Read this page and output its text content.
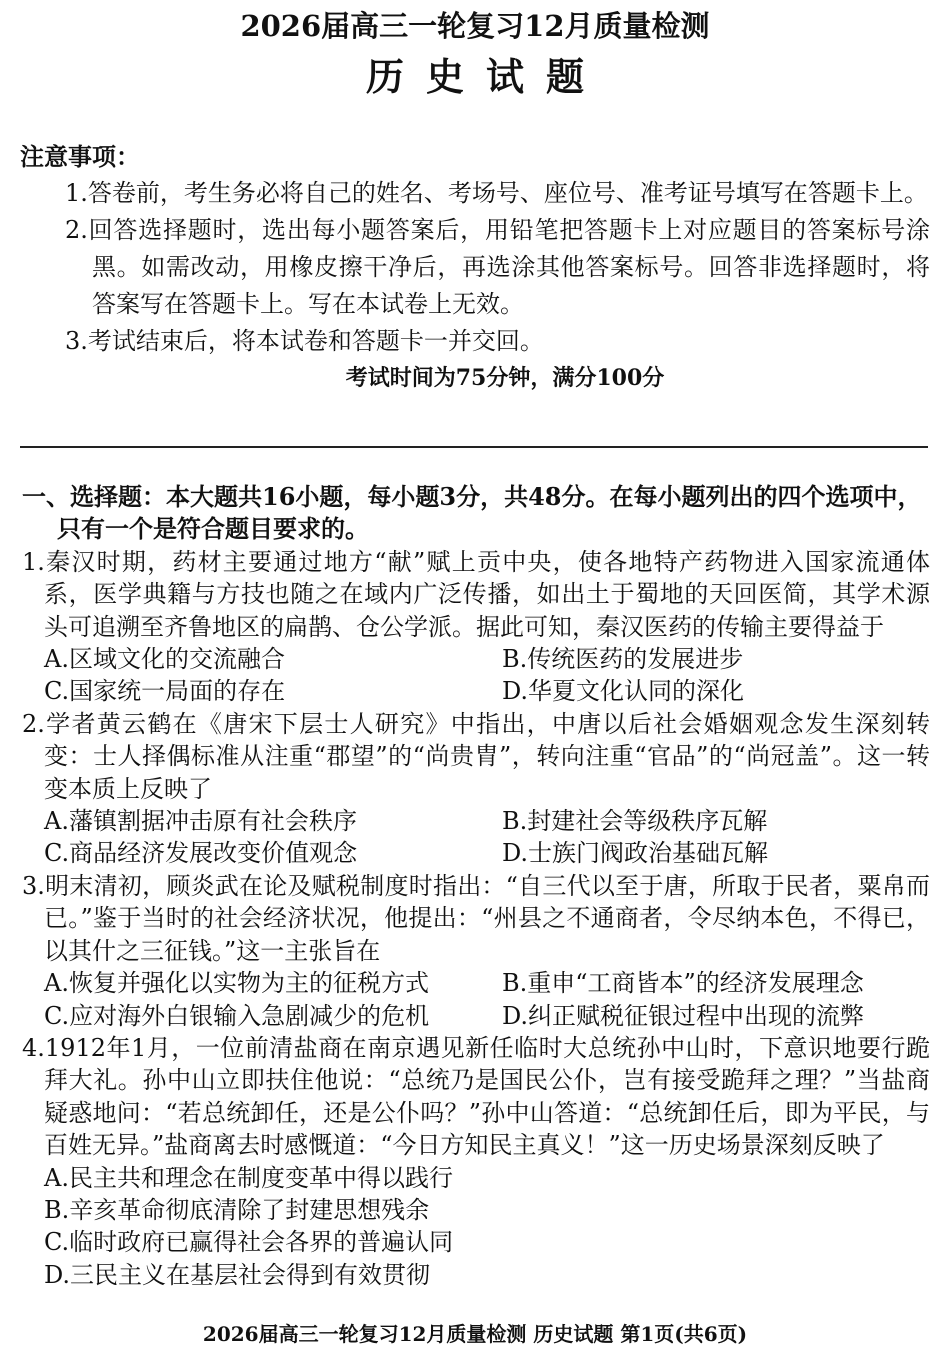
2026届高三一轮复习12月质量检测
历史试题
注意事项：
1.答卷前，考生务必将自己的姓名、考场号、座位号、准考证号填写在答题卡上。
2.回答选择题时，选出每小题答案后，用铅笔把答题卡上对应题目的答案标号涂黑。如需改动，用橡皮擦干净后，再选涂其他答案标号。回答非选择题时，将答案写在答题卡上。写在本试卷上无效。
3.考试结束后，将本试卷和答题卡一并交回。
考试时间为75分钟，满分100分
一、选择题：本大题共16小题，每小题3分，共48分。在每小题列出的四个选项中，只有一个是符合题目要求的。
1.秦汉时期，药材主要通过地方“献”赋上贡中央，使各地特产药物进入国家流通体系，医学典籍与方技也随之在域内广泛传播，如出土于蜀地的天回医简，其学术源头可追溯至齐鲁地区的扁鹊、仓公学派。据此可知，秦汉医药的传输主要得益于
A.区域文化的交流融合	B.传统医药的发展进步
C.国家统一局面的存在	D.华夏文化认同的深化
2.学者黄云鹤在《唐宋下层士人研究》中指出，中唐以后社会婚姻观念发生深刻转变：士人择偶标准从注重“郡望”的“尚贵胄”，转向注重“官品”的“尚冠盖”。这一转变本质上反映了
A.藩镇割据冲击原有社会秩序	B.封建社会等级秩序瓦解
C.商品经济发展改变价值观念	D.士族门阀政治基础瓦解
3.明末清初，顾炎武在论及赋税制度时指出：“自三代以至于唐，所取于民者，粟帛而已。”鉴于当时的社会经济状况，他提出：“州县之不通商者，令尽纳本色，不得已，以其什之三征钱。”这一主张旨在
A.恢复并强化以实物为主的征税方式	B.重申“工商皆本”的经济发展理念
C.应对海外白银输入急剧减少的危机	D.纠正赋税征银过程中出现的流弊
4.1912年1月，一位前清盐商在南京遇见新任临时大总统孙中山时，下意识地要行跪拜大礼。孙中山立即扶住他说：“总统乃是国民公仆，岂有接受跪拜之理？”当盐商疑惑地问：“若总统卸任，还是公仆吗？”孙中山答道：“总统卸任后，即为平民，与百姓无异。”盐商离去时感慨道：“今日方知民主真义！”这一历史场景深刻反映了
A.民主共和理念在制度变革中得以践行
B.辛亥革命彻底清除了封建思想残余
C.临时政府已赢得社会各界的普遍认同
D.三民主义在基层社会得到有效贯彻
2026届高三一轮复习12月质量检测 历史试题 第1页(共6页)
